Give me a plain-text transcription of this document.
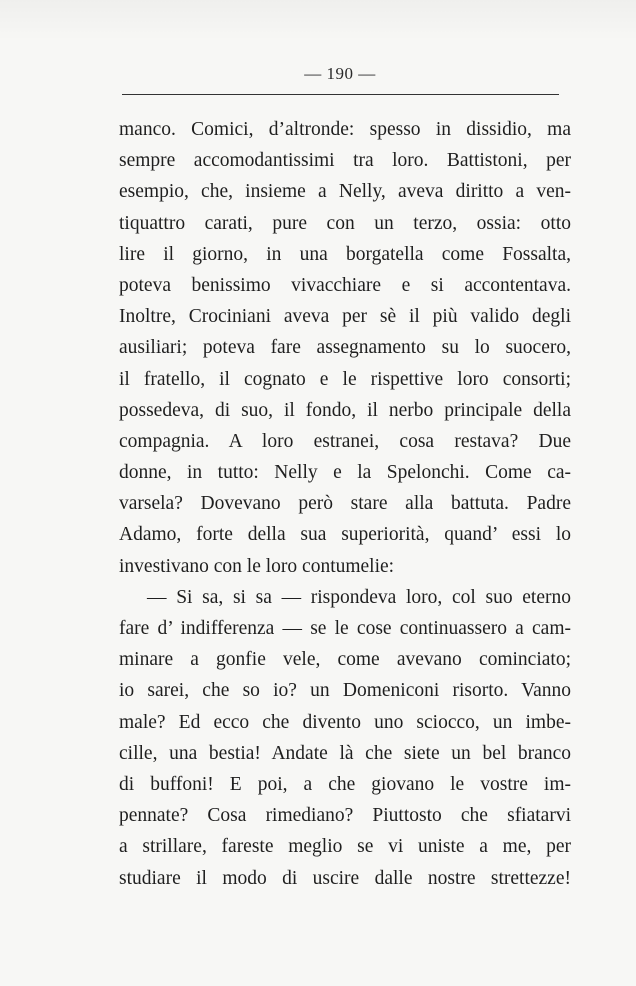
— 190 —
manco. Comici, d’altronde: spesso in dissidio, ma
sempre accomodantissimi tra loro. Battistoni, per
esempio, che, insieme a Nelly, aveva diritto a ven-
tiquattro carati, pure con un terzo, ossia: otto
lire il giorno, in una borgatella come Fossalta,
poteva benissimo vivacchiare e si accontentava.
Inoltre, Crociniani aveva per sè il più valido degli
ausiliari; poteva fare assegnamento su lo suocero,
il fratello, il cognato e le rispettive loro consorti;
possedeva, di suo, il fondo, il nerbo principale della
compagnia. A loro estranei, cosa restava? Due
donne, in tutto: Nelly e la Spelonchi. Come ca-
varsela? Dovevano però stare alla battuta. Padre
Adamo, forte della sua superiorità, quand’ essi lo
investivano con le loro contumelie:
— Si sa, si sa — rispondeva loro, col suo eterno
fare d’ indifferenza — se le cose continuassero a cam-
minare a gonfie vele, come avevano cominciato;
io sarei, che so io? un Domeniconi risorto. Vanno
male? Ed ecco che divento uno sciocco, un imbe-
cille, una bestia! Andate là che siete un bel branco
di buffoni! E poi, a che giovano le vostre im-
pennate? Cosa rimediano? Piuttosto che sfiatarvi
a strillare, fareste meglio se vi uniste a me, per
studiare il modo di uscire dalle nostre strettezze!
